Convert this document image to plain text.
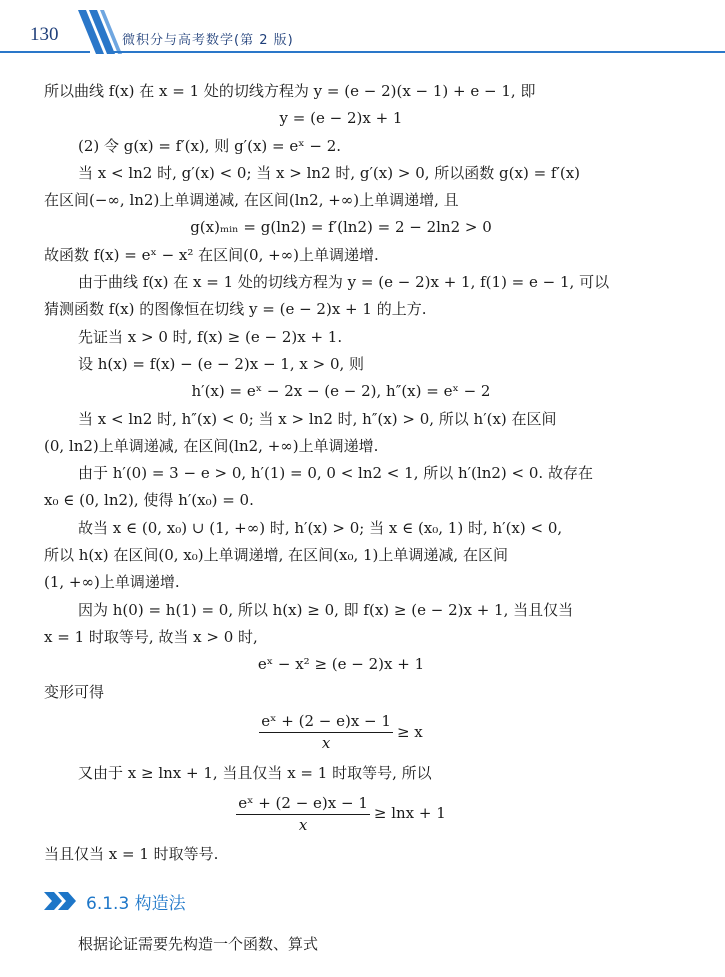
130	微积分与高考数学(第 2 版)
所以曲线 f(x) 在 x = 1 处的切线方程为 y = (e − 2)(x − 1) + e − 1, 即
y = (e − 2)x + 1
(2) 令 g(x) = f′(x), 则 g′(x) = eˣ − 2.
当 x < ln2 时, g′(x) < 0; 当 x > ln2 时, g′(x) > 0, 所以函数 g(x) = f′(x)
在区间(−∞, ln2)上单调递减, 在区间(ln2, +∞)上单调递增, 且
g(x)ₘᵢₙ = g(ln2) = f′(ln2) = 2 − 2ln2 > 0
故函数 f(x) = eˣ − x² 在区间(0, +∞)上单调递增.
由于曲线 f(x) 在 x = 1 处的切线方程为 y = (e − 2)x + 1, f(1) = e − 1, 可以
猜测函数 f(x) 的图像恒在切线 y = (e − 2)x + 1 的上方.
先证当 x > 0 时, f(x) ≥ (e − 2)x + 1.
设 h(x) = f(x) − (e − 2)x − 1, x > 0, 则
h′(x) = eˣ − 2x − (e − 2), h″(x) = eˣ − 2
当 x < ln2 时, h″(x) < 0; 当 x > ln2 时, h″(x) > 0, 所以 h′(x) 在区间
(0, ln2)上单调递减, 在区间(ln2, +∞)上单调递增.
由于 h′(0) = 3 − e > 0, h′(1) = 0, 0 < ln2 < 1, 所以 h′(ln2) < 0. 故存在
x₀ ∈ (0, ln2), 使得 h′(x₀) = 0.
故当 x ∈ (0, x₀) ∪ (1, +∞) 时, h′(x) > 0; 当 x ∈ (x₀, 1) 时, h′(x) < 0,
所以 h(x) 在区间(0, x₀)上单调递增, 在区间(x₀, 1)上单调递减, 在区间
(1, +∞)上单调递增.
因为 h(0) = h(1) = 0, 所以 h(x) ≥ 0, 即 f(x) ≥ (e − 2)x + 1, 当且仅当
x = 1 时取等号, 故当 x > 0 时,
eˣ − x² ≥ (e − 2)x + 1
变形可得
$\frac{\text{eˣ + (2 − e)x − 1}}{x} \ge x$
又由于 x ≥ lnx + 1, 当且仅当 x = 1 时取等号, 所以
$\frac{\text{eˣ + (2 − e)x − 1}}{x} \ge \ln x + 1$
当且仅当 x = 1 时取等号.
6.1.3 构造法
根据论证需要先构造一个函数、算式
